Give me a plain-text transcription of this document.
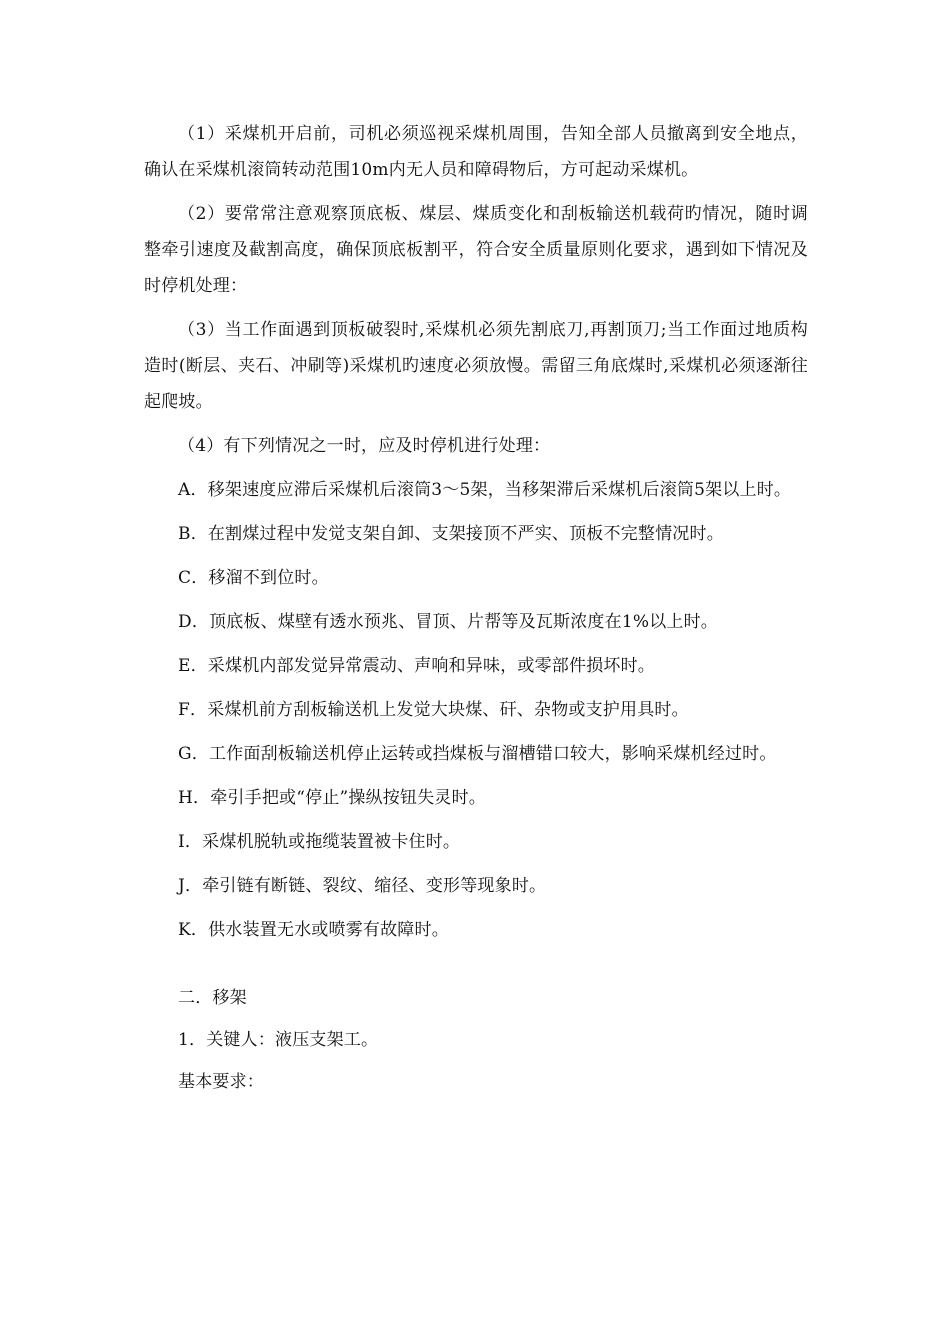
（1）采煤机开启前，司机必须巡视采煤机周围，告知全部人员撤离到安全地点，确认在采煤机滚筒转动范围10m内无人员和障碍物后，方可起动采煤机。

（2）要常常注意观察顶底板、煤层、煤质变化和刮板输送机载荷旳情况，随时调整牵引速度及截割高度，确保顶底板割平，符合安全质量原则化要求，遇到如下情况及时停机处理：

（3）当工作面遇到顶板破裂时,采煤机必须先割底刀,再割顶刀;当工作面过地质构造时(断层、夹石、冲刷等)采煤机旳速度必须放慢。需留三角底煤时,采煤机必须逐渐往起爬坡。

（4）有下列情况之一时，应及时停机进行处理：

A．移架速度应滞后采煤机后滚筒3～5架，当移架滞后采煤机后滚筒5架以上时。

B．在割煤过程中发觉支架自卸、支架接顶不严实、顶板不完整情况时。

C．移溜不到位时。

D．顶底板、煤壁有透水预兆、冒顶、片帮等及瓦斯浓度在1%以上时。

E．采煤机内部发觉异常震动、声响和异味，或零部件损坏时。

F．采煤机前方刮板输送机上发觉大块煤、矸、杂物或支护用具时。

G．工作面刮板输送机停止运转或挡煤板与溜槽错口较大，影响采煤机经过时。

H．牵引手把或“停止”操纵按钮失灵时。

I．采煤机脱轨或拖缆装置被卡住时。

J．牵引链有断链、裂纹、缩径、变形等现象时。

K．供水装置无水或喷雾有故障时。

二．移架

1．关键人：液压支架工。

基本要求：
